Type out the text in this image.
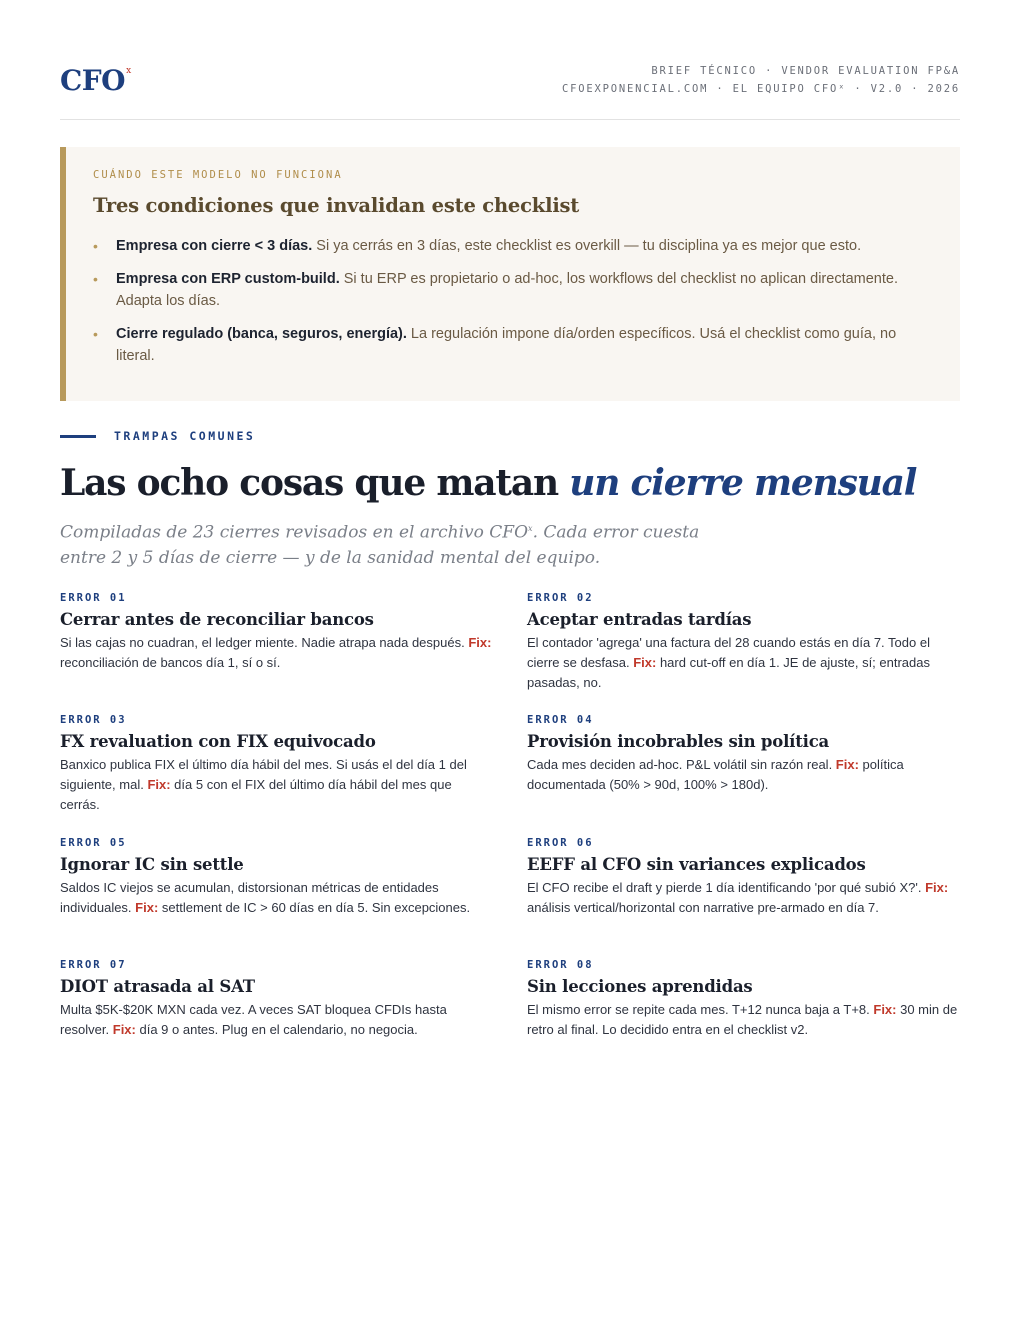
CFO$^x$	BRIEF TÉCNICO · VENDOR EVALUATION FP&A
CFOEXPONENCIAL.COM · EL EQUIPO CFOˣ · V2.0 · 2026
CUÁNDO ESTE MODELO NO FUNCIONA
Tres condiciones que invalidan este checklist
• Empresa con cierre < 3 días. Si ya cerrás en 3 días, este checklist es overkill — tu disciplina ya es mejor que esto.
• Empresa con ERP custom-build. Si tu ERP es propietario o ad-hoc, los workflows del checklist no aplican directamente. Adapta los días.
• Cierre regulado (banca, seguros, energía). La regulación impone día/orden específicos. Usá el checklist como guía, no literal.
TRAMPAS COMUNES
Las ocho cosas que matan un cierre mensual
Compiladas de 23 cierres revisados en el archivo CFO$^x$. Cada error cuesta entre 2 y 5 días de cierre — y de la sanidad mental del equipo.
ERROR 01
Cerrar antes de reconciliar bancos
Si las cajas no cuadran, el ledger miente. Nadie atrapa nada después. Fix: reconciliación de bancos día 1, sí o sí.
ERROR 02
Aceptar entradas tardías
El contador 'agrega' una factura del 28 cuando estás en día 7. Todo el cierre se desfasa. Fix: hard cut-off en día 1. JE de ajuste, sí; entradas pasadas, no.
ERROR 03
FX revaluation con FIX equivocado
Banxico publica FIX el último día hábil del mes. Si usás el del día 1 del siguiente, mal. Fix: día 5 con el FIX del último día hábil del mes que cerrás.
ERROR 04
Provisión incobrables sin política
Cada mes deciden ad-hoc. P&L volátil sin razón real. Fix: política documentada (50% > 90d, 100% > 180d).
ERROR 05
Ignorar IC sin settle
Saldos IC viejos se acumulan, distorsionan métricas de entidades individuales. Fix: settlement de IC > 60 días en día 5. Sin excepciones.
ERROR 06
EEFF al CFO sin variances explicados
El CFO recibe el draft y pierde 1 día identificando 'por qué subió X?'. Fix: análisis vertical/horizontal con narrative pre-armado en día 7.
ERROR 07
DIOT atrasada al SAT
Multa $5K-$20K MXN cada vez. A veces SAT bloquea CFDIs hasta resolver. Fix: día 9 o antes. Plug en el calendario, no negocia.
ERROR 08
Sin lecciones aprendidas
El mismo error se repite cada mes. T+12 nunca baja a T+8. Fix: 30 min de retro al final. Lo decidido entra en el checklist v2.
